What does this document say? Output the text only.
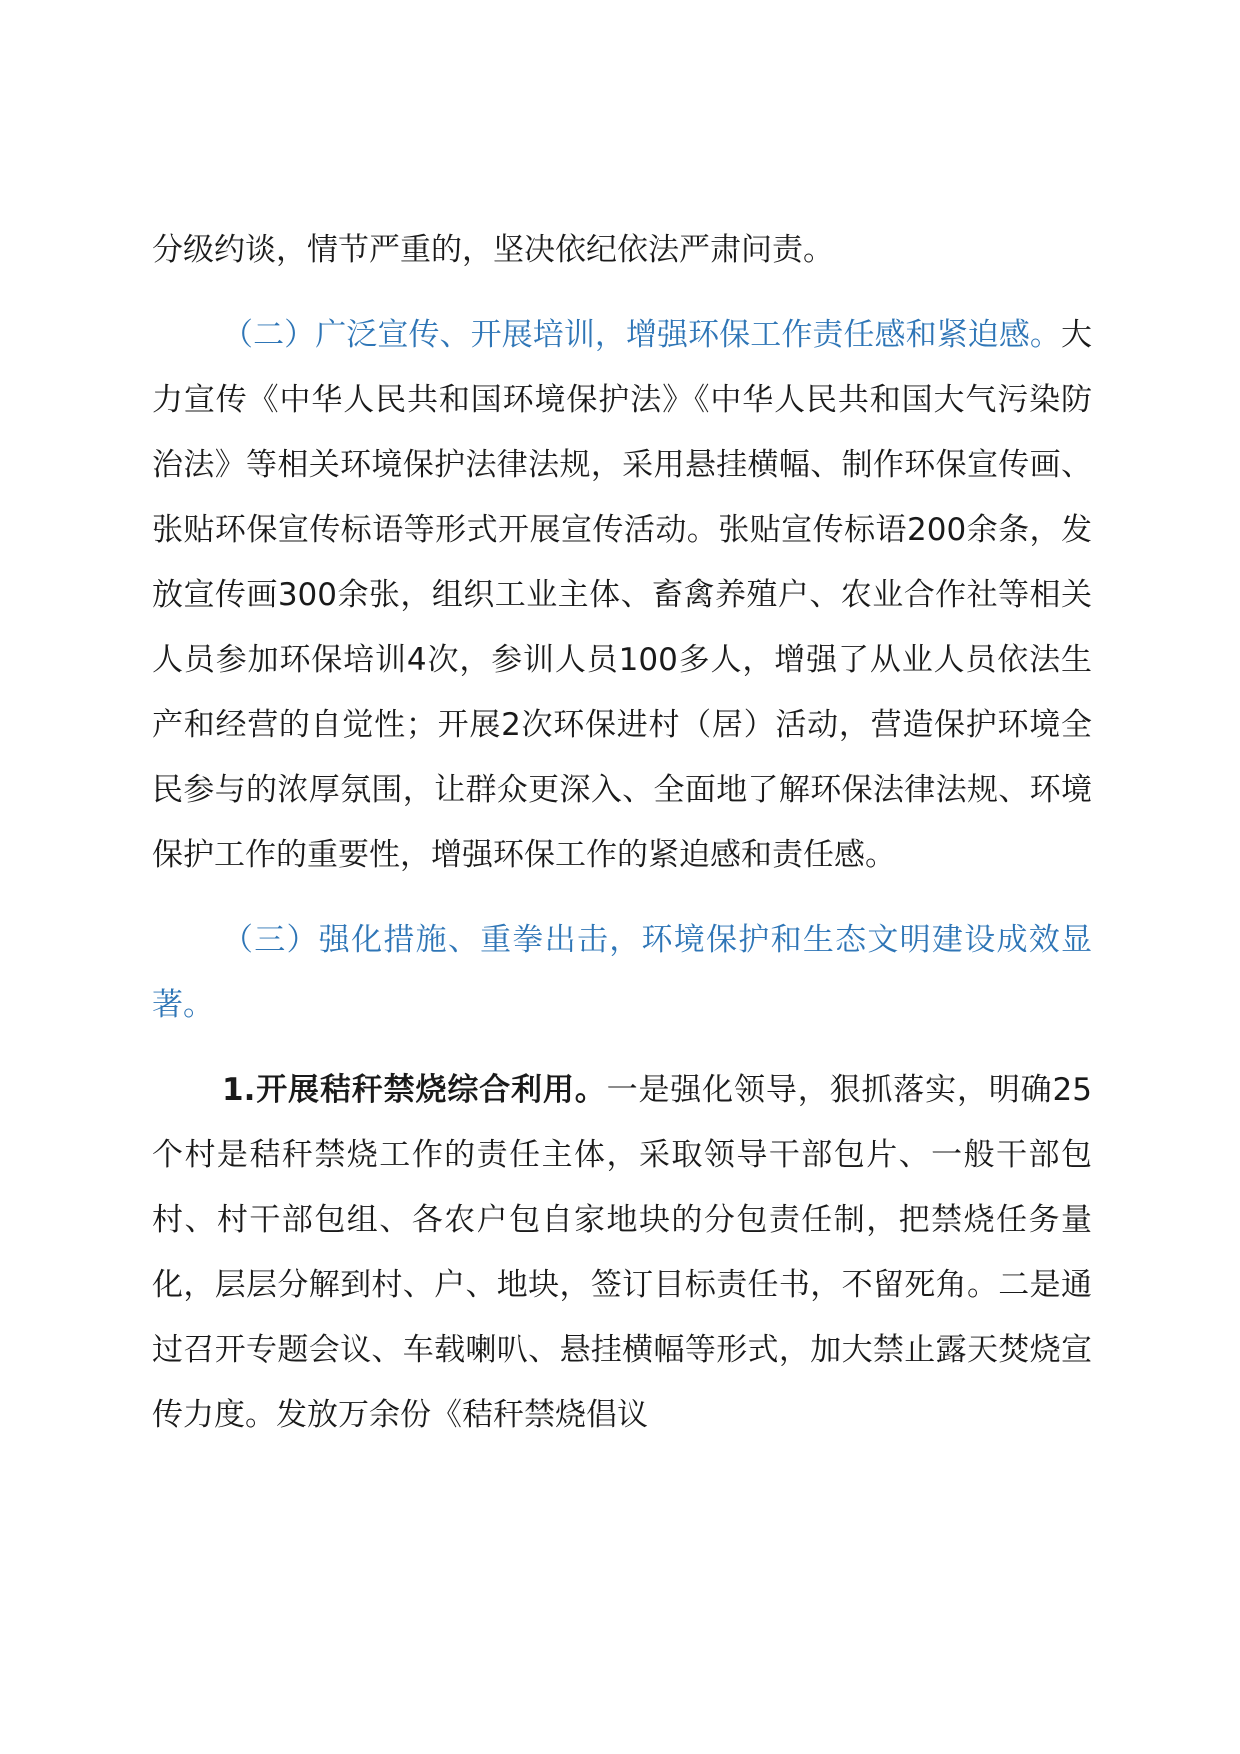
分级约谈，情节严重的，坚决依纪依法严肃问责。

（二）广泛宣传、开展培训，增强环保工作责任感和紧迫感。大力宣传《中华人民共和国环境保护法》《中华人民共和国大气污染防治法》等相关环境保护法律法规，采用悬挂横幅、制作环保宣传画、张贴环保宣传标语等形式开展宣传活动。张贴宣传标语200余条，发放宣传画300余张，组织工业主体、畜禽养殖户、农业合作社等相关人员参加环保培训4次，参训人员100多人，增强了从业人员依法生产和经营的自觉性；开展2次环保进村（居）活动，营造保护环境全民参与的浓厚氛围，让群众更深入、全面地了解环保法律法规、环境保护工作的重要性，增强环保工作的紧迫感和责任感。

（三）强化措施、重拳出击，环境保护和生态文明建设成效显著。

1.开展秸秆禁烧综合利用。一是强化领导，狠抓落实，明确25个村是秸秆禁烧工作的责任主体，采取领导干部包片、一般干部包村、村干部包组、各农户包自家地块的分包责任制，把禁烧任务量化，层层分解到村、户、地块，签订目标责任书，不留死角。二是通过召开专题会议、车载喇叭、悬挂横幅等形式，加大禁止露天焚烧宣传力度。发放万余份《秸秆禁烧倡议
